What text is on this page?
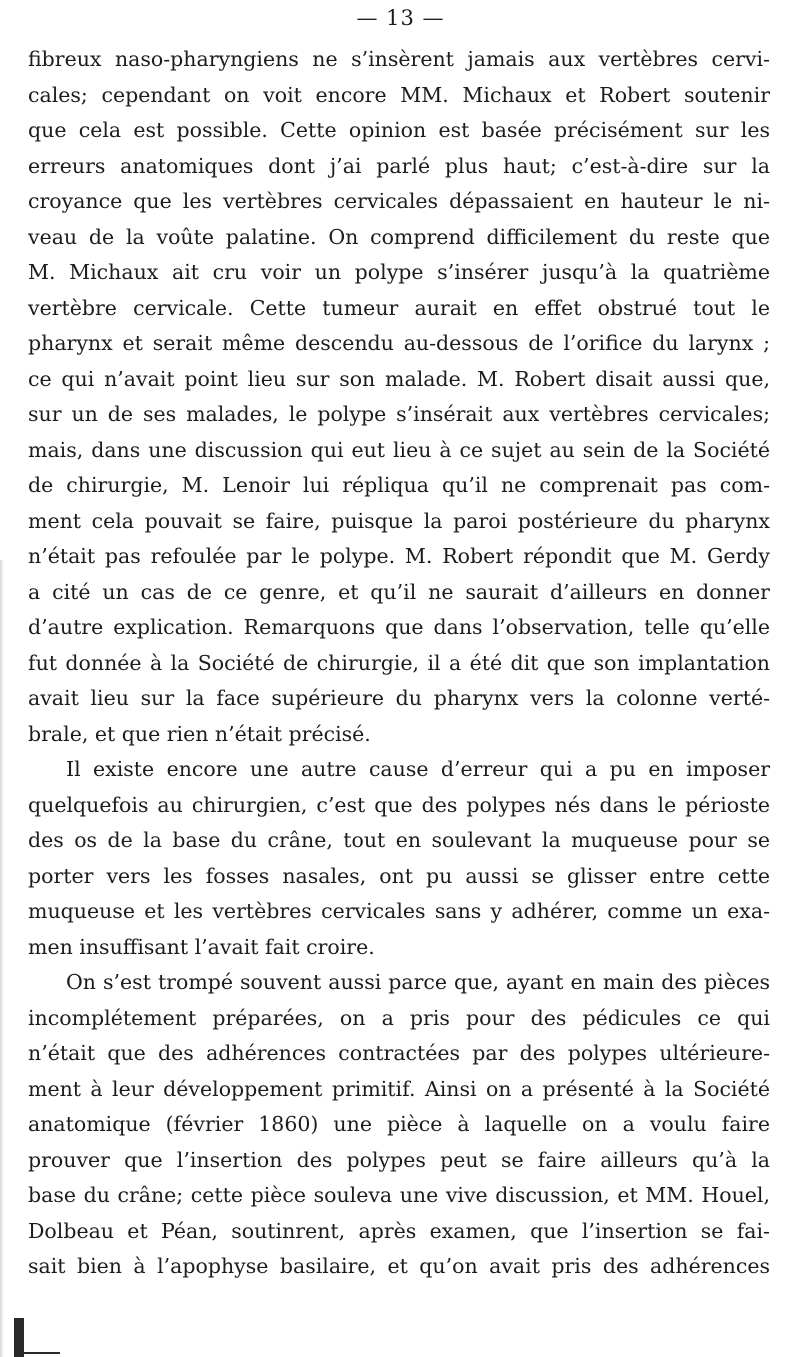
— 13 —
fibreux naso-pharyngiens ne s’insèrent jamais aux vertèbres cervi-
cales; cependant on voit encore MM. Michaux et Robert soutenir
que cela est possible. Cette opinion est basée précisément sur les
erreurs anatomiques dont j’ai parlé plus haut; c’est-à-dire sur la
croyance que les vertèbres cervicales dépassaient en hauteur le ni-
veau de la voûte palatine. On comprend difficilement du reste que
M. Michaux ait cru voir un polype s’insérer jusqu’à la quatrième
vertèbre cervicale. Cette tumeur aurait en effet obstrué tout le
pharynx et serait même descendu au-dessous de l’orifice du larynx ;
ce qui n’avait point lieu sur son malade. M. Robert disait aussi que,
sur un de ses malades, le polype s’insérait aux vertèbres cervicales;
mais, dans une discussion qui eut lieu à ce sujet au sein de la Société
de chirurgie, M. Lenoir lui répliqua qu’il ne comprenait pas com-
ment cela pouvait se faire, puisque la paroi postérieure du pharynx
n’était pas refoulée par le polype. M. Robert répondit que M. Gerdy
a cité un cas de ce genre, et qu’il ne saurait d’ailleurs en donner
d’autre explication. Remarquons que dans l’observation, telle qu’elle
fut donnée à la Société de chirurgie, il a été dit que son implantation
avait lieu sur la face supérieure du pharynx vers la colonne verté-
brale, et que rien n’était précisé.
Il existe encore une autre cause d’erreur qui a pu en imposer
quelquefois au chirurgien, c’est que des polypes nés dans le périoste
des os de la base du crâne, tout en soulevant la muqueuse pour se
porter vers les fosses nasales, ont pu aussi se glisser entre cette
muqueuse et les vertèbres cervicales sans y adhérer, comme un exa-
men insuffisant l’avait fait croire.
On s’est trompé souvent aussi parce que, ayant en main des pièces
incomplétement préparées, on a pris pour des pédicules ce qui
n’était que des adhérences contractées par des polypes ultérieure-
ment à leur développement primitif. Ainsi on a présenté à la Société
anatomique (février 1860) une pièce à laquelle on a voulu faire
prouver que l’insertion des polypes peut se faire ailleurs qu’à la
base du crâne; cette pièce souleva une vive discussion, et MM. Houel,
Dolbeau et Péan, soutinrent, après examen, que l’insertion se fai-
sait bien à l’apophyse basilaire, et qu’on avait pris des adhérences
